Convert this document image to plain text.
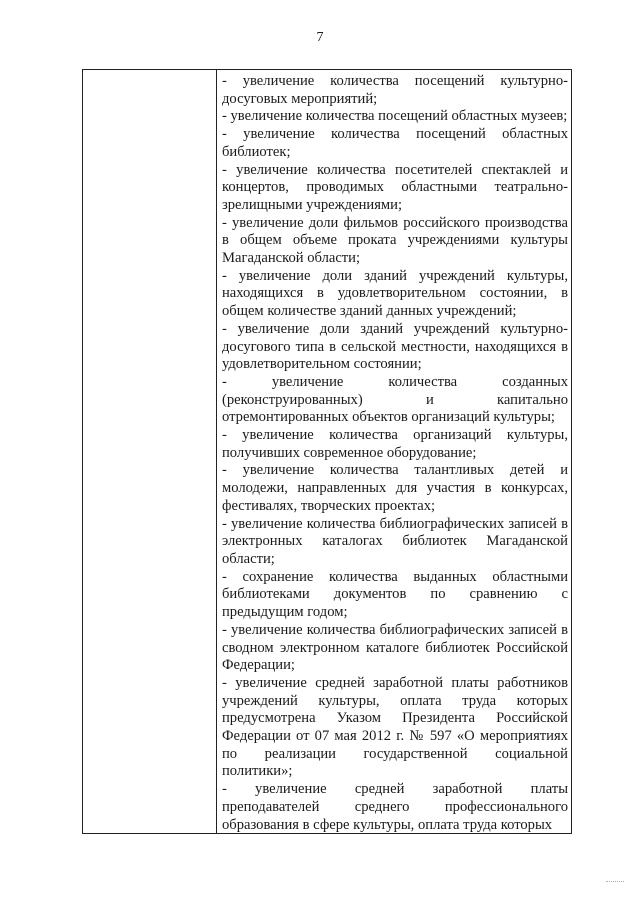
7

- увеличение количества посещений культурно-досуговых мероприятий;

- увеличение количества посещений областных музеев;

- увеличение количества посещений областных библиотек;

- увеличение количества посетителей спектаклей и концертов, проводимых областными театрально-зрелищными учреждениями;

- увеличение доли фильмов российского производства в общем объеме проката учреждениями культуры Магаданской области;

- увеличение доли зданий учреждений культуры, находящихся в удовлетворительном состоянии, в общем количестве зданий данных учреждений;

- увеличение доли зданий учреждений культурно-досугового типа в сельской местности, находящихся в удовлетворительном состоянии;

- увеличение количества созданных (реконструированных) и капитально отремонтированных объектов организаций культуры;

- увеличение количества организаций культуры, получивших современное оборудование;

- увеличение количества талантливых детей и молодежи, направленных для участия в конкурсах, фестивалях, творческих проектах;

- увеличение количества библиографических записей в электронных каталогах библиотек Магаданской области;

- сохранение количества выданных областными библиотеками документов по сравнению с предыдущим годом;

- увеличение количества библиографических записей в сводном электронном каталоге библиотек Российской Федерации;

- увеличение средней заработной платы работников учреждений культуры, оплата труда которых предусмотрена Указом Президента Российской Федерации от 07 мая 2012 г. № 597 «О мероприятиях по реализации государственной социальной политики»;

- увеличение средней заработной платы преподавателей среднего профессионального образования в сфере культуры, оплата труда которых
